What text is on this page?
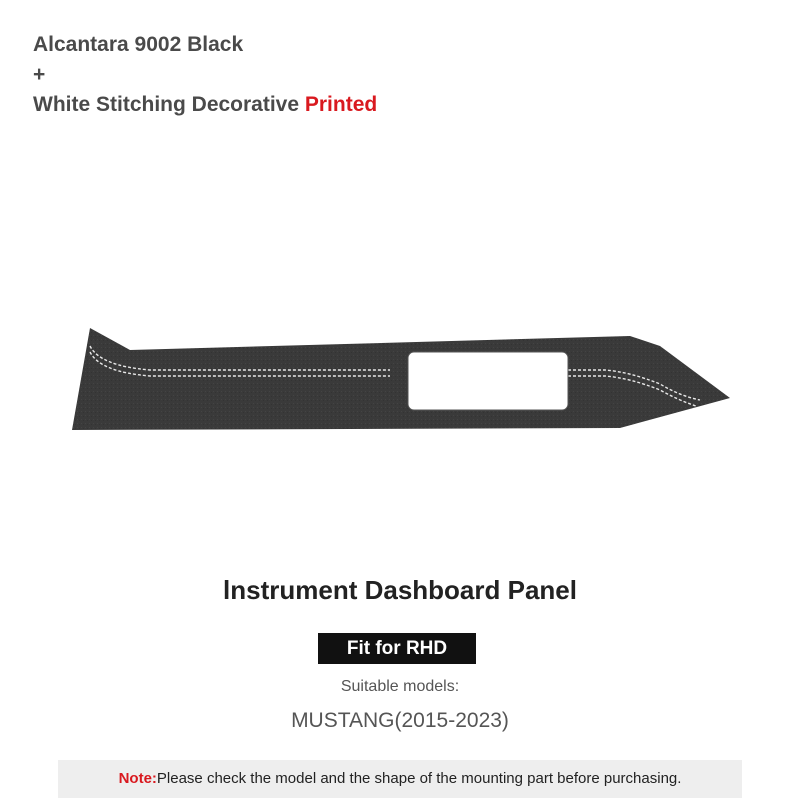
Alcantara 9002 Black
+
White Stitching Decorative Printed
lnstrument Dashboard Panel
Fit for RHD
Suitable models:
MUSTANG(2015-2023)
Note:Please check the model and the shape of the mounting part before purchasing.
